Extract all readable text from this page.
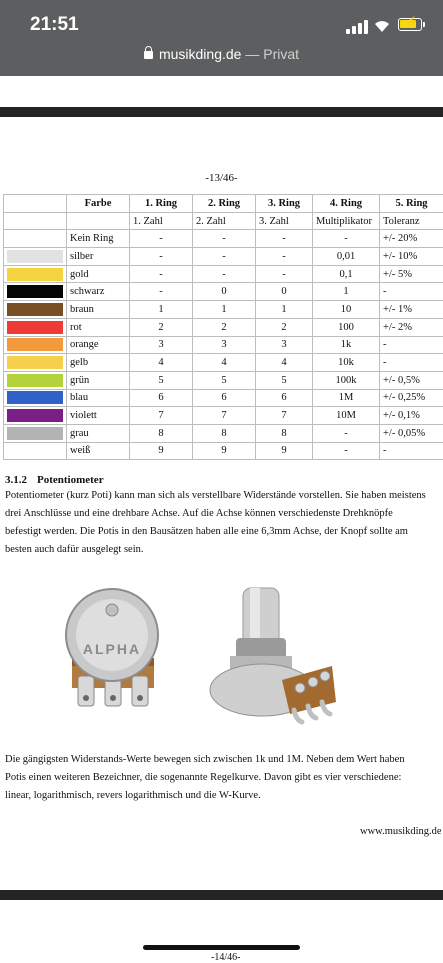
21:51	⚡
musikding.de — Privat
-13/46-
	Farbe	1. Ring	2. Ring	3. Ring	4. Ring	5. Ring
		1. Zahl	2. Zahl	3. Zahl	Multiplikator	Toleranz

	Kein Ring	-	-	-	-	+/- 20%

	silber	-	-	-	0,01	+/- 10%

	gold	-	-	-	0,1	+/- 5%

	schwarz	-	0	0	1	-

	braun	1	1	1	10	+/- 1%

	rot	2	2	2	100	+/- 2%

	orange	3	3	3	1k	-

	gelb	4	4	4	10k	-

	grün	5	5	5	100k	+/- 0,5%

	blau	6	6	6	1M	+/- 0,25%

	violett	7	7	7	10M	+/- 0,1%

	grau	8	8	8	-	+/- 0,05%

	weiß	9	9	9	-	-
3.1.2 Potentiometer
Potentiometer (kurz Poti) kann man sich als verstellbare Widerstände vorstellen. Sie haben meistens
drei Anschlüsse und eine drehbare Achse. Auf die Achse können verschiedenste Drehknöpfe
befestigt werden. Die Potis in den Bausätzen haben alle eine 6,3mm Achse, der Knopf sollte am
besten auch dafür ausgelegt sein.
ALPHA
Die gängigsten Widerstands-Werte bewegen sich zwischen 1k und 1M. Neben dem Wert haben
Potis einen weiteren Bezeichner, die sogenannte Regelkurve. Davon gibt es vier verschiedene:
linear, logarithmisch, revers logarithmisch und die W-Kurve.
www.musikding.de
-14/46-
